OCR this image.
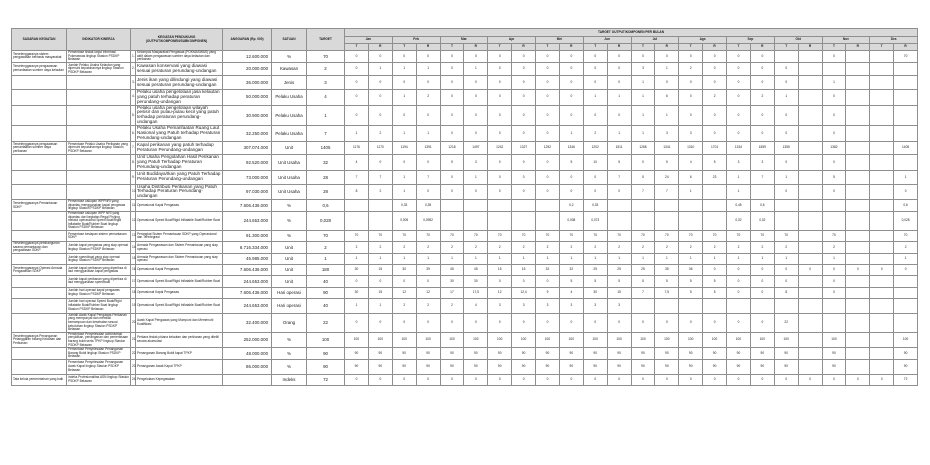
SASARAN KEGIATAN	INDIKATOR KINERJA	KEGIATAN PENDUKUNG (OUTPUT/KOMPONEN/SUBKOMPONEN)		ANGGARAN (Rp. 000)	SATUAN	TARGET	TARGET OUTPUT/KOMPONEN PER BULAN																							
							Jan		Feb		Mar		Apr		Mei		Jun		Jul		Ags		Sep		Okt		Nov		Des	
							T	R	T	R	T	R	T	R	T	R	T	R	T	R	T	R	T	R	T	R	T	R	T	R
Terselenggaranya sistem pengawasan berbasis masyarakat	Persentase tindak lanjut informasi Pokmaswas lingkup Stasiun PSDKP Belawan	1.	Kelompok Masyarakat Pengawas (POKMASWAS) yang aktif dalam pengawasan sumber daya kelautan dan perikanan	12.600.000	%	70	0	0	0	0	0	0	0	0	0	0	0	0	0	0	0	0	0	0			0			70
Terselenggaranya pengawasan pemanfaatan sumber daya kelautan	Jumlah Pelaku Usaha Kelautan yang dipenuhi kepatuhannya lingkup Stasiun PSDKP Belawan	2.	Kawasan konservasi yang diawasi sesuai peraturan perundang-undangan	20.000.000	Kawasan	2	0	1	1	1	0	1	0	0	0	0	0	0	3	1	2	0	0	0	0					
		3.	Jenis ikan yang dilindungi yang diawasi sesuai peraturan perundang-undangan	36.000.000	Jenis	3	0	0	0	0	0	0	0	0	0	0	0	0	1	0	0	0	0	0	0		1			
		4.	Pelaku usaha pengelolaan jasa kelautan yang patuh terhadap peraturan perundang-undangan	50.000.000	Pelaku Usaha	4	0	0	1	2	0	0	0	0	0	0	1	1	1	6	0	2	0	2	1		0			
		5.	Pelaku usaha pengelolaan wilayah pesisir dan pulau-pulau kecil yang patuh terhadap peraturan perundang-undangan	30.900.000	Pelaku Usaha	1	0	0	0	0	0	0	0	0	0	0	0	0	1	1	0	0	0	0	0		0			
		6.	Pelaku Usaha Pemanfaatan Ruang Laut Nasional yang Patuh terhadap Peraturan Perundang-undangan	32.250.000	Pelaku Usaha	7	1	2	1	1	0	0	0	0	0	1	2	1	1	3	3	0	0	0	0		0			
Terselenggaranya pengawasan pemanfaatan sumber daya perikanan	Persentase Pelaku Usaha Perikanan yang dipenuhi kepatuhannya lingkup Stasiun PSDKP Belawan	7.	Kapal perikanan yang patuh terhadap Peraturan Perundang-undangan	307.074.000	Unit	1405	1176	1170	1194	1391	1218	1497	1242	1327	1252	1346	1202	1511	1268	1341	1310	1701	1334	1559	1355		1382			1405
		8.	Unit Usaha Pengolahan Hasil Perikanan yang Patuh Terhadap Peraturan Perundang-undangan	92.520.000	Unit Usaha	32	4	0	0	0	5	3	0	0	0	5	10	5	0	5	4	5	3	3	0		0			
		9.	Unit Budidaya/Ikan yang Patuh Terhadap Peraturan Perundang-undangan	73.000.000	Unit Usaha	28	7	7	1	7	0	1	0	0	0	0	0	7	5	24	6	23	1	7	1		5			1
		10.	Usaha Distribusi Perikanan yang Patuh Terhadap Peraturan Perundang-undangan	97.030.000	Unit Usaha	28	8	2	1	0	0	0	0	0	0	0	0	0	7	7	1		1		0		0			0
Terselenggaranya Pemantauan SDKP	Persentase cakupan WPPNRI yang dipantau menggunakan kapal pengawas lingkup Stasiun PSDKP Belawan	11.	Operasional Kapal Pengawas	7.606.436.000	%	0,6			0,33	0,35						0,2	0,33						0,45	0,6						0,6
	Persentase cakupan WPP NRI yang dipantau dari kegiatan Regal Fishing melalui operasional Speed Boat/Rigid Inflatable Boat/Rubber Boat lingkup Stasiun PSDKP Belawan	12.	Operasional Speed Boat/Rigid Inflatable Boat/Rubber Boat	244.653.000	%	0,028			0,005	0,0952						0,008	0,073						0,02	0,02						0,028
	Persentase kesiapan sistem pemantauan SDKP	13.	Perangkat Sistem Pemantauan SDKP yang Operasional dan Terintegrasi	91.300.000	%	70	70	70	70	70	70	70	70	70	70	70	70	70	70	70	70	70	70	70	70		70			70
Terselenggaranya pembangunan sarana pemantauan dan pengawasan SDKP	Jumlah kapal pengawas yang siap operasi lingkup Stasiun PSDKP Belawan	14.	Armada Pengawasan dan Sistem Pemantauan yang siap operasi	8.716.334.000	Unit	2	2	2	2	2	2	2	2	2	2	2	2	2	2	2	2	2	2	2	2		2			2
	Jumlah speedboat yang siap operasi lingkup Stasiun PSDKP Belawan	15.	Armada Pengawasan dan Sistem Pemantauan yang siap operasi	45.985.000	Unit	1	1	1	1	1	1	1	1	1	1	1	1	1	1	1	1	1	1	1	1		1			1
Terselenggaranya Operasi Armada Pengawasan SDKP	Jumlah kapal perikanan yang diperiksa di laut menggunakan kapal pengawas	16.	Operasional Kapal Pengawas	7.606.436.000	Unit	180	30	15	30	39	45	45	15	15	32	32	25	25	25	35	36	0	0	0	0	0	0	0	0	0
	Jumlah kapal perikanan yang diperiksa di laut menggunakan speedboat	17.	Operasional Speed Boat/Rigid Inflatable Boat/Rubber Boat	244.653.000	Unit	40	0	0	0	0	30	30	0	0	0	5	5	5	5	5	5	5	0	0	0		0			
	Jumlah hari operasi kapal pengawas lingkup Stasiun PSDKP Belawan	18.	Operasional Kapal Pengawas	7.606.436.000	Hari operasi	90	30	15	12	12	17	17,5	12	12,4	9	4	30	15	7	7,5	5	5	0	0	8		0			
	Jumlah hari operasi Speed Boat/Rigid Inflatable Boat/Rubber Boat lingkup Stasiun PSDKP Belawan	19.	Operasional Speed Boat/Rigid Inflatable Boat/Rubber Boat	244.653.000	Hari operasi	40	1	1	2	2	2	4	3	3	3	3	3	3												
	Jumlah Awak Kapal Pengawas Perikanan yang mempunyai dan memiliki kemampuan dan kesehatan sesuai kebutuhan lingkup Stasiun PSDKP Belawan	20.	Awak Kapal Pengawas yang Mumpuni dan Memenuhi Kualifikasi	32.400.000	Orang	22	0	0	0	0	0	0	0	0	0	0	0	0	0	0	0	0	0	0	22					
Terselenggaranya Penanganan Pelanggaran bidang Kelautan dan Perikanan	Persentase Penyelesaian administrasi penyidikan, penanganan dan pemeriksaan barang bukti serta TPKP lingkup Stasiun PSDKP Belawan	21.	Perkara tindak pidana kelautan dan perikanan yang diteliti secara akumulasi	252.000.000	%	100	100	100	100	100	100	100	100	100	100	100	100	100	100	100	100	100	100	100	100		100			100
	Persentase Penyelesaian Penanganan Barang Bukti lingkup Stasiun PSDKP Belawan	22.	Penanganan Barang Bukti kapal TPKP	48.000.000	%	90	90	90	90	90	90	90	90	90	90	90	90	90	90	90	90	90	90	90	90		90			90
	Persentase Penyelesaian Penanganan Awak Kapal lingkup Stasiun PSDKP Belawan	23.	Penanganan Awak Kapal TPKP	86.000.000	%	90	90	90	90	90	90	90	90	90	90	90	90	90	90	90	90	90	90	90	90		90			90
Tata kelola pemerintahan yang baik	Indeks Profesionalitas ASN lingkup Stasiun PSDKP Belawan	24.	Pengelolaan Kepegawaian		Indeks	72	0	0	0	0	0	0	0	0	0	0	0	0	0	0	0	0	0	0	0	0	0	0	0	72
